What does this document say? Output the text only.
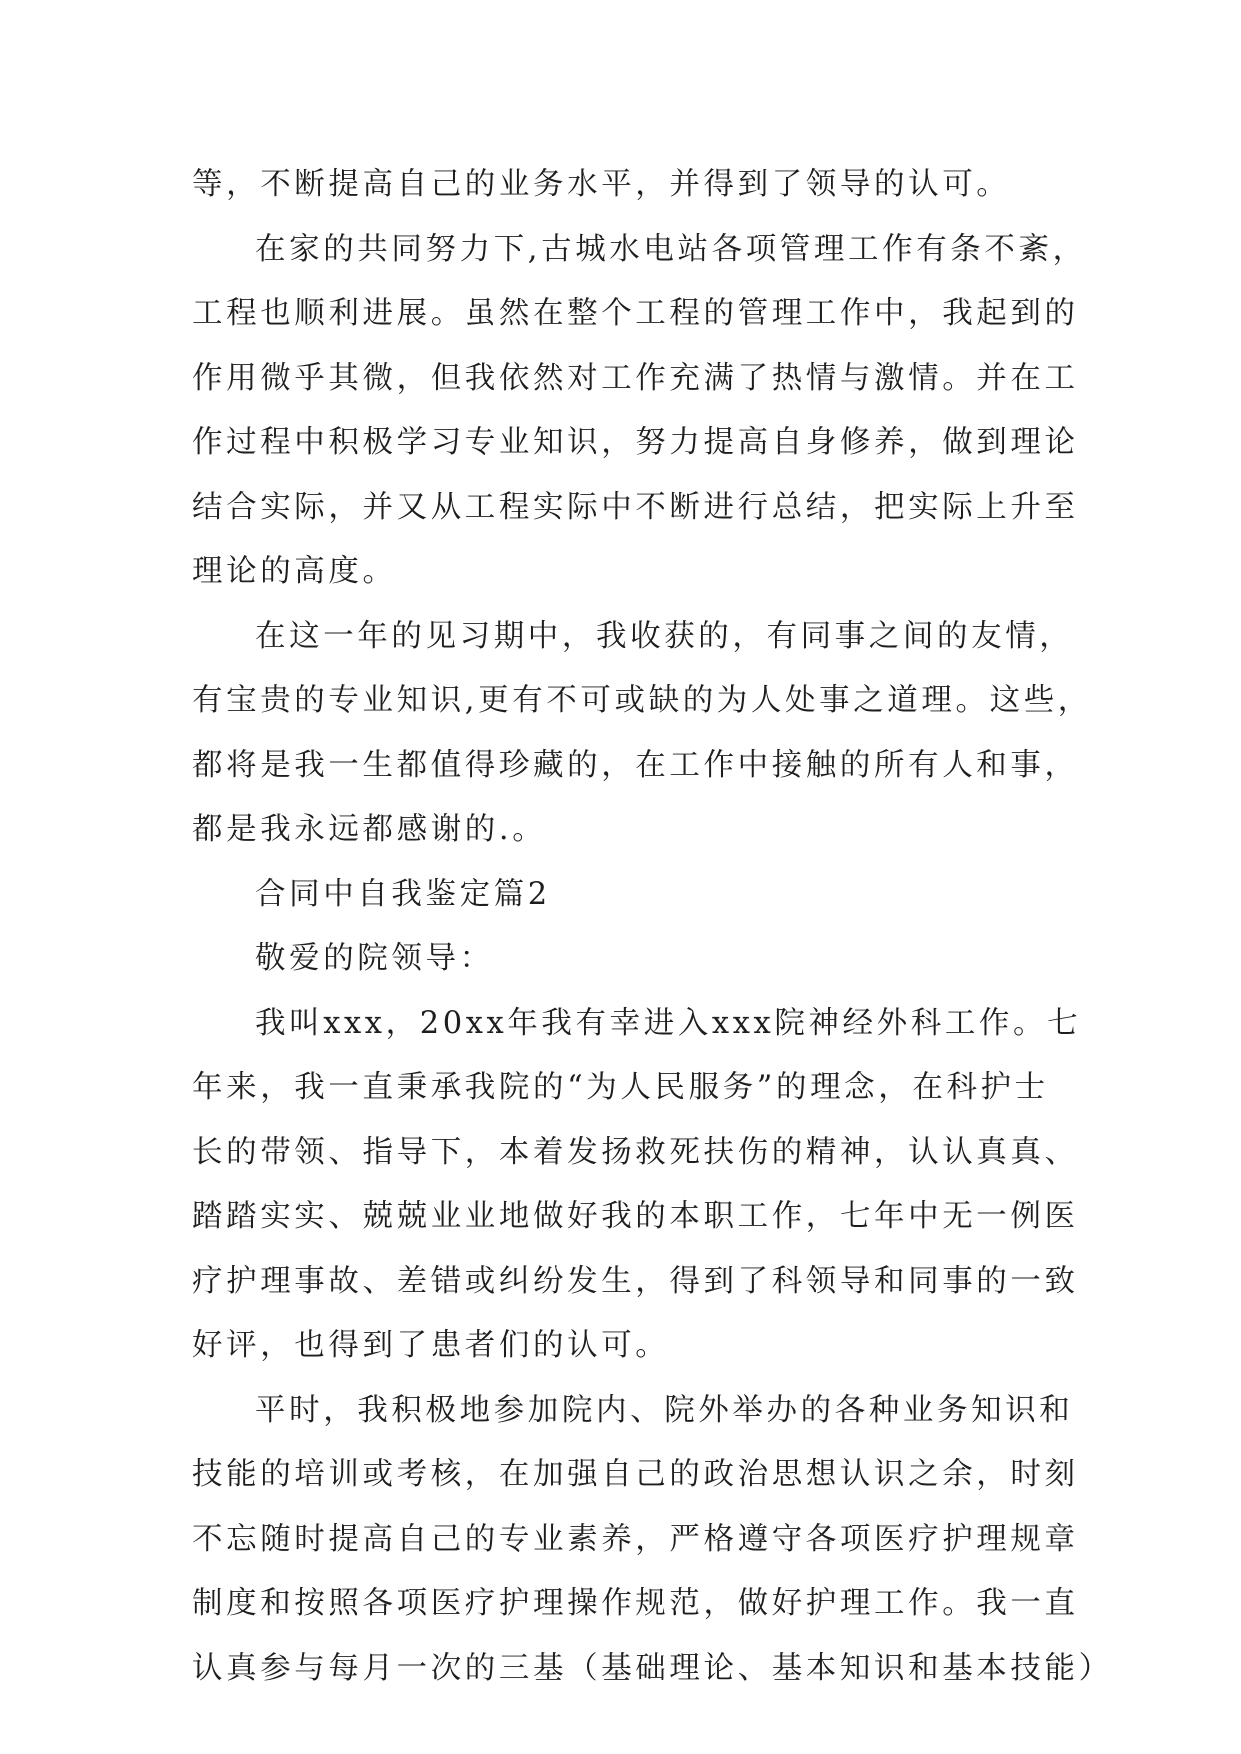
等，不断提高自己的业务水平，并得到了领导的认可。
在家的共同努力下,古城水电站各项管理工作有条不紊，
工程也顺利进展。虽然在整个工程的管理工作中，我起到的
作用微乎其微，但我依然对工作充满了热情与激情。并在工
作过程中积极学习专业知识，努力提高自身修养，做到理论
结合实际，并又从工程实际中不断进行总结，把实际上升至
理论的高度。
在这一年的见习期中，我收获的，有同事之间的友情，
有宝贵的专业知识,更有不可或缺的为人处事之道理。这些，
都将是我一生都值得珍藏的，在工作中接触的所有人和事，
都是我永远都感谢的.。
合同中自我鉴定篇2
敬爱的院领导：
我叫xxx，20xx年我有幸进入xxx院神经外科工作。七
年来，我一直秉承我院的“为人民服务”的理念，在科护士
长的带领、指导下，本着发扬救死扶伤的精神，认认真真、
踏踏实实、兢兢业业地做好我的本职工作，七年中无一例医
疗护理事故、差错或纠纷发生，得到了科领导和同事的一致
好评，也得到了患者们的认可。
平时，我积极地参加院内、院外举办的各种业务知识和
技能的培训或考核，在加强自己的政治思想认识之余，时刻
不忘随时提高自己的专业素养，严格遵守各项医疗护理规章
制度和按照各项医疗护理操作规范，做好护理工作。我一直
认真参与每月一次的三基（基础理论、基本知识和基本技能）
